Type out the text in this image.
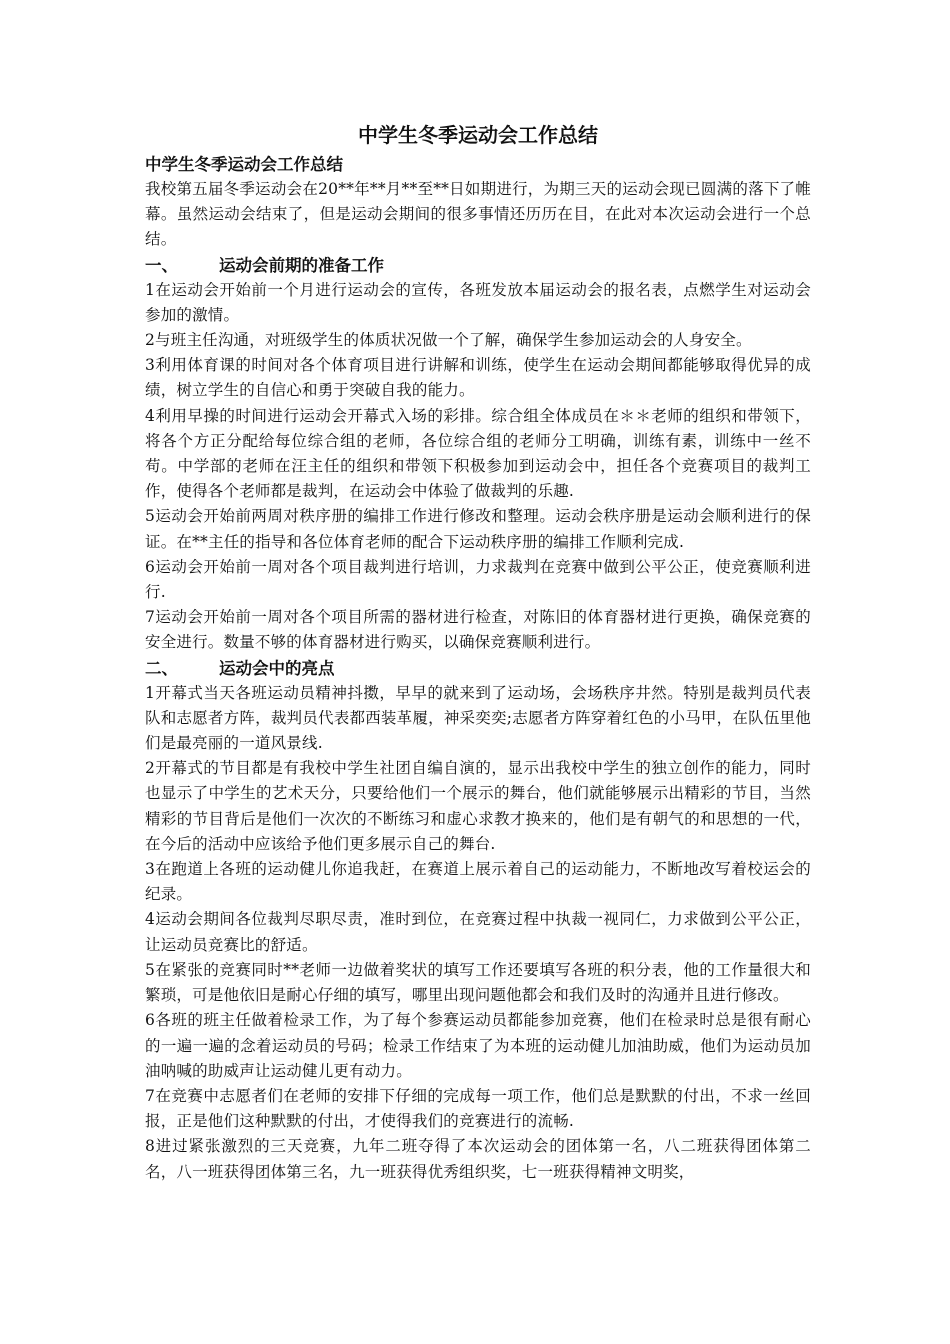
中学生冬季运动会工作总结
中学生冬季运动会工作总结

我校第五届冬季运动会在20**年**月**至**日如期进行，为期三天的运动会现已圆满的落下了帷幕。虽然运动会结束了，但是运动会期间的很多事情还历历在目，在此对本次运动会进行一个总结。

一、 运动会前期的准备工作

1在运动会开始前一个月进行运动会的宣传，各班发放本届运动会的报名表，点燃学生对运动会参加的激情。

2与班主任沟通，对班级学生的体质状况做一个了解，确保学生参加运动会的人身安全。

3利用体育课的时间对各个体育项目进行讲解和训练，使学生在运动会期间都能够取得优异的成绩，树立学生的自信心和勇于突破自我的能力。

4利用早操的时间进行运动会开幕式入场的彩排。综合组全体成员在＊＊老师的组织和带领下，将各个方正分配给每位综合组的老师，各位综合组的老师分工明确，训练有素，训练中一丝不苟。中学部的老师在汪主任的组织和带领下积极参加到运动会中，担任各个竞赛项目的裁判工作，使得各个老师都是裁判，在运动会中体验了做裁判的乐趣.

5运动会开始前两周对秩序册的编排工作进行修改和整理。运动会秩序册是运动会顺利进行的保证。在**主任的指导和各位体育老师的配合下运动秩序册的编排工作顺利完成.

6运动会开始前一周对各个项目裁判进行培训，力求裁判在竞赛中做到公平公正，使竞赛顺利进行.

7运动会开始前一周对各个项目所需的器材进行检查，对陈旧的体育器材进行更换，确保竞赛的安全进行。数量不够的体育器材进行购买，以确保竞赛顺利进行。

二、 运动会中的亮点

1开幕式当天各班运动员精神抖擞，早早的就来到了运动场，会场秩序井然。特别是裁判员代表队和志愿者方阵，裁判员代表都西装革履，神采奕奕;志愿者方阵穿着红色的小马甲，在队伍里他们是最亮丽的一道风景线.

2开幕式的节目都是有我校中学生社团自编自演的，显示出我校中学生的独立创作的能力，同时也显示了中学生的艺术天分，只要给他们一个展示的舞台，他们就能够展示出精彩的节目，当然精彩的节目背后是他们一次次的不断练习和虚心求教才换来的，他们是有朝气的和思想的一代，在今后的活动中应该给予他们更多展示自己的舞台.

3在跑道上各班的运动健儿你追我赶，在赛道上展示着自己的运动能力，不断地改写着校运会的纪录。

4运动会期间各位裁判尽职尽责，准时到位，在竞赛过程中执裁一视同仁，力求做到公平公正，让运动员竞赛比的舒适。

5在紧张的竞赛同时**老师一边做着奖状的填写工作还要填写各班的积分表，他的工作量很大和繁琐，可是他依旧是耐心仔细的填写，哪里出现问题他都会和我们及时的沟通并且进行修改。

6各班的班主任做着检录工作，为了每个参赛运动员都能参加竞赛，他们在检录时总是很有耐心的一遍一遍的念着运动员的号码；检录工作结束了为本班的运动健儿加油助威，他们为运动员加油呐喊的助威声让运动健儿更有动力。

7在竞赛中志愿者们在老师的安排下仔细的完成每一项工作，他们总是默默的付出，不求一丝回报，正是他们这种默默的付出，才使得我们的竞赛进行的流畅.

8进过紧张激烈的三天竞赛，九年二班夺得了本次运动会的团体第一名，八二班获得团体第二名，八一班获得团体第三名，九一班获得优秀组织奖，七一班获得精神文明奖，
